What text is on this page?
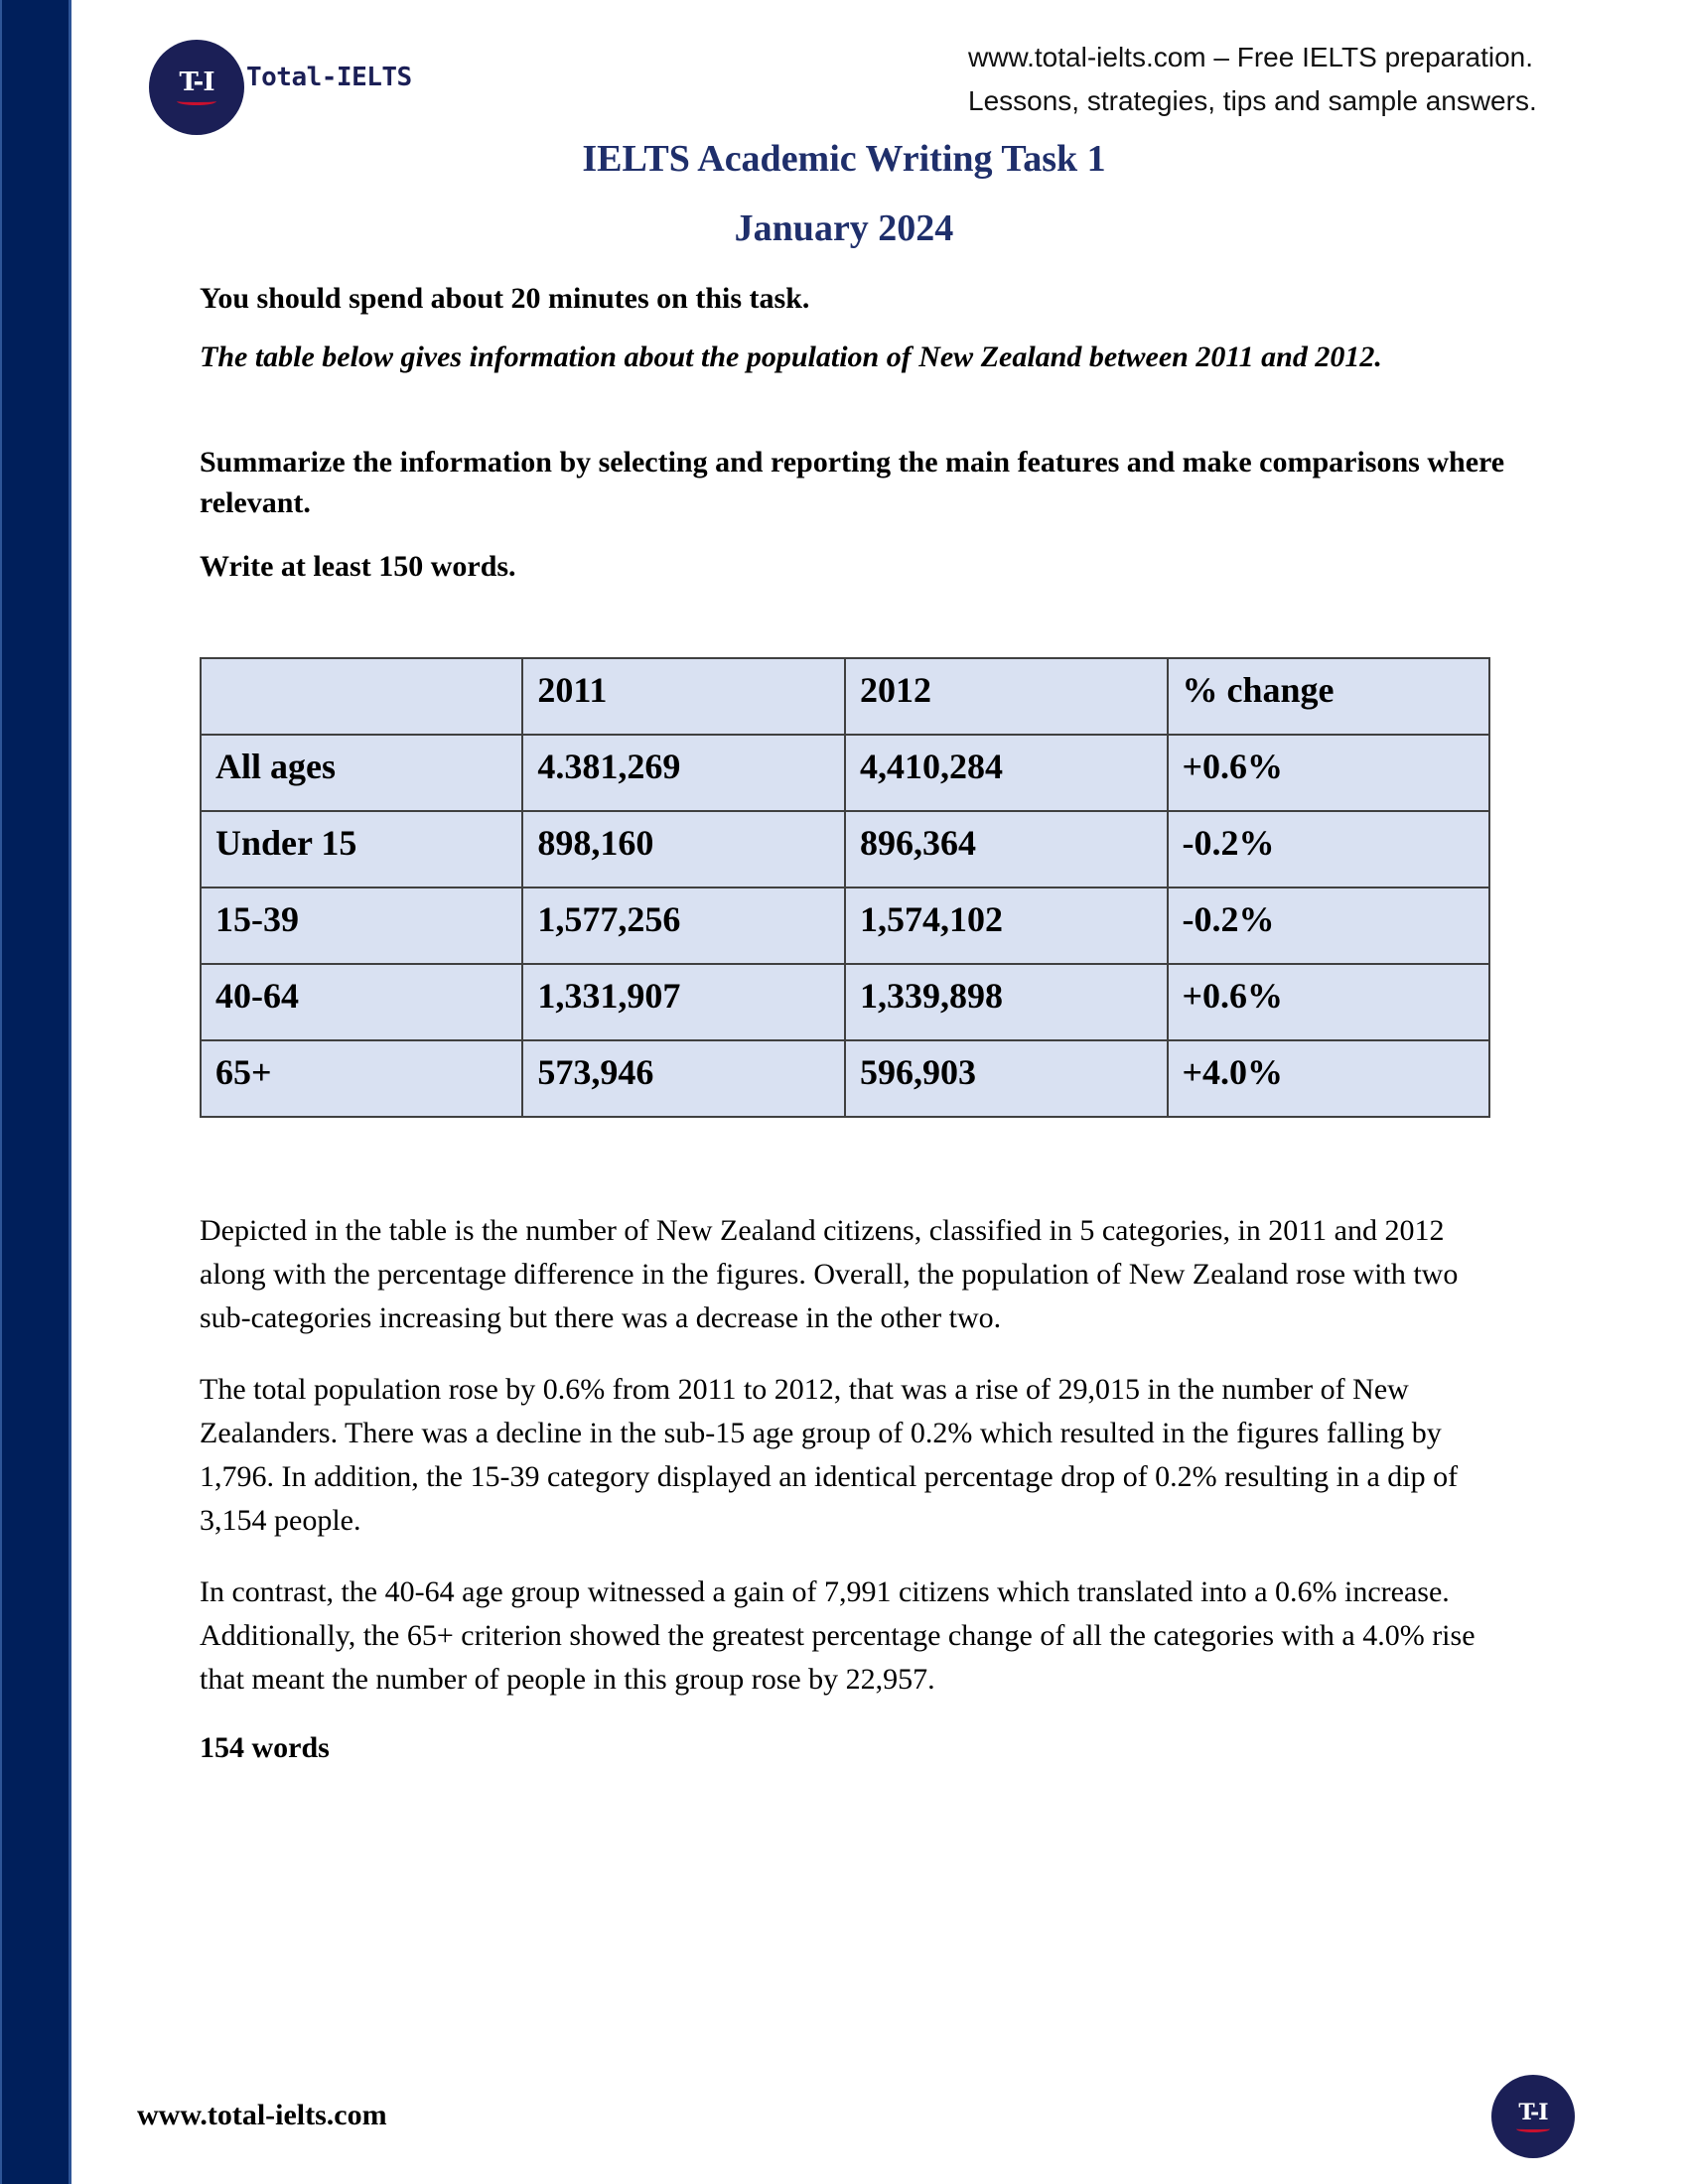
T-I Total-IELTS
www.total-ielts.com – Free IELTS preparation.
Lessons, strategies, tips and sample answers.
IELTS Academic Writing Task 1
January 2024

You should spend about 20 minutes on this task.

The table below gives information about the population of New Zealand between 2011 and 2012.

Summarize the information by selecting and reporting the main features and make comparisons where relevant.

Write at least 150 words.

	2011	2012	% change
All ages	4.381,269	4,410,284	+0.6%
Under 15	898,160	896,364	-0.2%
15-39	1,577,256	1,574,102	-0.2%
40-64	1,331,907	1,339,898	+0.6%
65+	573,946	596,903	+4.0%

Depicted in the table is the number of New Zealand citizens, classified in 5 categories, in 2011 and 2012 along with the percentage difference in the figures. Overall, the population of New Zealand rose with two sub-categories increasing but there was a decrease in the other two.

The total population rose by 0.6% from 2011 to 2012, that was a rise of 29,015 in the number of New Zealanders. There was a decline in the sub-15 age group of 0.2% which resulted in the figures falling by 1,796. In addition, the 15-39 category displayed an identical percentage drop of 0.2% resulting in a dip of 3,154 people.

In contrast, the 40-64 age group witnessed a gain of 7,991 citizens which translated into a 0.6% increase. Additionally, the 65+ criterion showed the greatest percentage change of all the categories with a 4.0% rise that meant the number of people in this group rose by 22,957.

154 words
www.total-ielts.com	T-I
